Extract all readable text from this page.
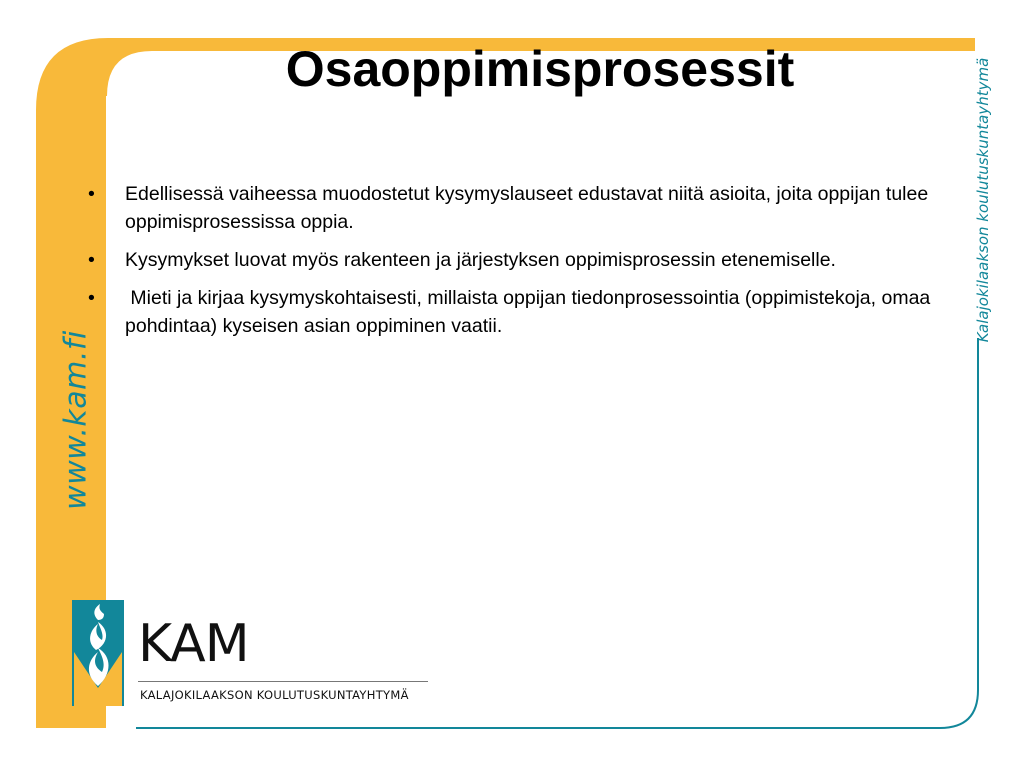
www.kam.fi
Kalajokilaakson koulutuskuntayhtymä
Osaoppimisprosessit
• Edellisessä vaiheessa muodostetut kysymyslauseet edustavat niitä asioita, joita oppijan tulee oppimisprosessissa oppia.
• Kysymykset luovat myös rakenteen ja järjestyksen oppimisprosessin etenemiselle.
• Mieti ja kirjaa kysymyskohtaisesti, millaista oppijan tiedonprosessointia (oppimistekoja, omaa pohdintaa) kyseisen asian oppiminen vaatii.
KAM
KALAJOKILAAKSON KOULUTUSKUNTAYHTYMÄ
